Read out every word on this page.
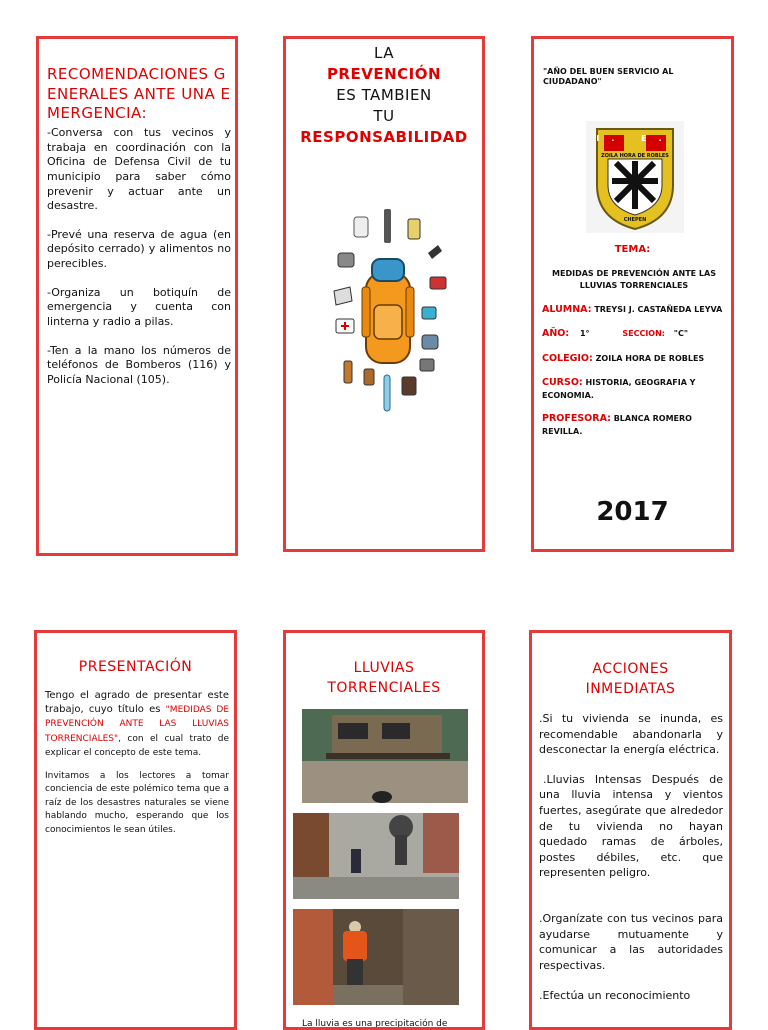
RECOMENDACIONES GENERALES ANTE UNA EMERGENCIA:

-Conversa con tus vecinos y trabaja en coordinación con la Oficina de Defensa Civil de tu municipio para saber cómo prevenir y actuar ante un desastre.

-Prevé una reserva de agua (en depósito cerrado) y alimentos no perecibles.

-Organiza un botiquín de emergencia y cuenta con linterna y radio a pilas.

-Ten a la mano los números de teléfonos de Bomberos (116) y Policía Nacional (105).

LA
PREVENCIÓN
ES TAMBIEN
TU
RESPONSABILIDAD
"AÑO DEL BUEN SERVICIO AL CIUDADANO"
I. E.
ZOILA HORA DE ROBLES
CHEPEN
TEMA:
MEDIDAS DE PREVENCIÓN ANTE LAS LLUVIAS TORRENCIALES
ALUMNA: TREYSI J. CASTAÑEDA LEYVA
AÑO: 1°	SECCION: "C"
COLEGIO: ZOILA HORA DE ROBLES
CURSO: HISTORIA, GEOGRAFIA Y ECONOMIA.
PROFESORA: BLANCA ROMERO REVILLA.
2017
PRESENTACIÓN

Tengo el agrado de presentar este trabajo, cuyo título es "MEDIDAS DE PREVENCIÓN ANTE LAS LLUVIAS TORRENCIALES", con el cual trato de explicar el concepto de este tema.

Invitamos a los lectores a tomar conciencia de este polémico tema que a raíz de los desastres naturales se viene hablando mucho, esperando que los conocimientos le sean útiles.

LLUVIAS TORRENCIALES
La lluvia es una precipitación de
ACCIONES INMEDIATAS

.Si tu vivienda se inunda, es recomendable abandonarla y desconectar la energía eléctrica.

.Lluvias Intensas Después de una lluvia intensa y vientos fuertes, asegúrate que alrededor de tu vivienda no hayan quedado ramas de árboles, postes débiles, etc. que representen peligro.

.Organízate con tus vecinos para ayudarse mutuamente y comunicar a las autoridades respectivas.

.Efectúa un reconocimiento
